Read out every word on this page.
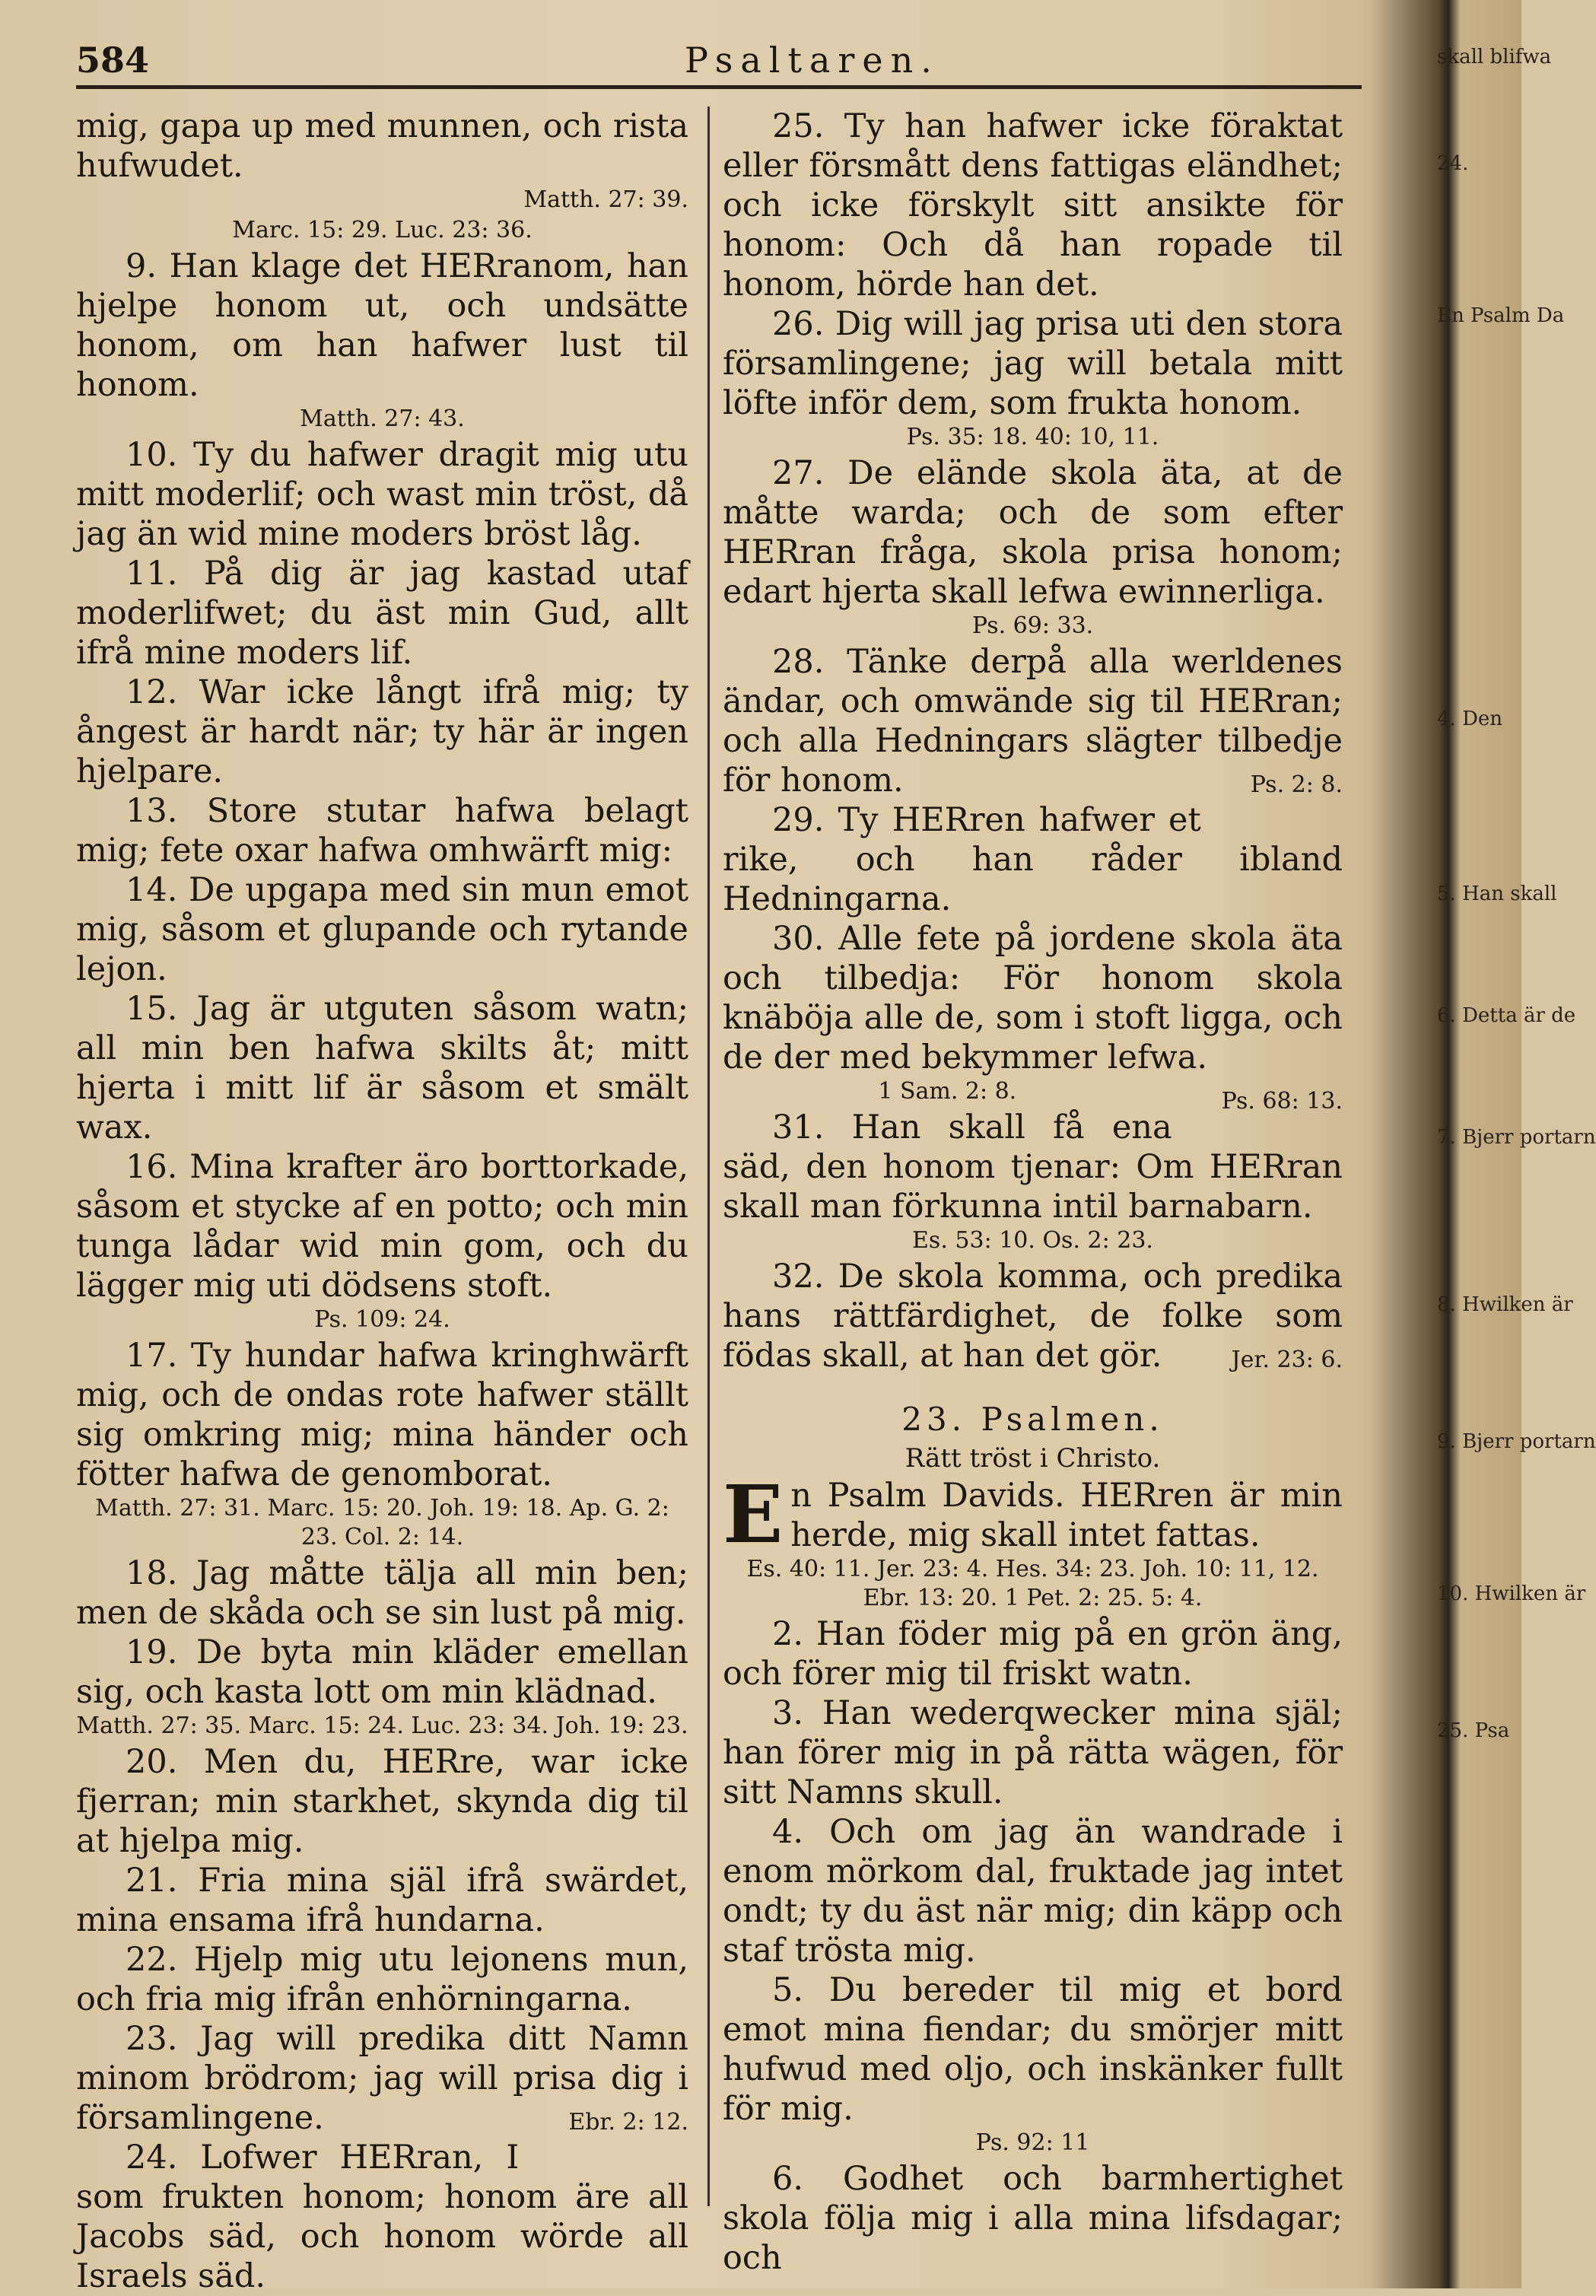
584	Psaltaren.

mig, gapa up med munnen, och rista hufwudet.

Matth. 27: 39.

Marc. 15: 29. Luc. 23: 36.

9. Han klage det HERranom, han hjelpe honom ut, och undsätte honom, om han hafwer lust til honom.

Matth. 27: 43.

10. Ty du hafwer dragit mig utu mitt moderlif; och wast min tröst, då jag än wid mine moders bröst låg.

11. På dig är jag kastad utaf moderlifwet; du äst min Gud, allt ifrå mine moders lif.

12. War icke långt ifrå mig; ty ångest är hardt när; ty här är ingen hjelpare.

13. Store stutar hafwa belagt mig; fete oxar hafwa omhwärft mig:

14. De upgapa med sin mun emot mig, såsom et glupande och rytande lejon.

15. Jag är utguten såsom watn; all min ben hafwa skilts åt; mitt hjerta i mitt lif är såsom et smält wax.

16. Mina krafter äro borttorkade, såsom et stycke af en potto; och min tunga lådar wid min gom, och du lägger mig uti dödsens stoft.

Ps. 109: 24.

17. Ty hundar hafwa kringhwärft mig, och de ondas rote hafwer ställt sig omkring mig; mina händer och fötter hafwa de genomborat.

Matth. 27: 31. Marc. 15: 20. Joh. 19: 18. Ap. G. 2: 23. Col. 2: 14.

18. Jag måtte tälja all min ben; men de skåda och se sin lust på mig.

19. De byta min kläder emellan sig, och kasta lott om min klädnad.

Matth. 27: 35. Marc. 15: 24. Luc. 23: 34. Joh. 19: 23.

20. Men du, HERre, war icke fjerran; min starkhet, skynda dig til at hjelpa mig.

21. Fria mina själ ifrå swärdet, mina ensama ifrå hundarna.

22. Hjelp mig utu lejonens mun, och fria mig ifrån enhörningarna.

23. Jag will predika ditt Namn minom brödrom; jag will prisa dig i församlingene.	Ebr. 2: 12.

24. Lofwer HERran, I som frukten honom; honom äre all Jacobs säd, och honom wörde all Israels säd.

25. Ty han hafwer icke föraktat eller försmått dens fattigas eländhet; och icke förskylt sitt ansikte för honom: Och då han ropade til honom, hörde han det.

26. Dig will jag prisa uti den stora församlingene; jag will betala mitt löfte inför dem, som frukta honom.

Ps. 35: 18. 40: 10, 11.

27. De elände skola äta, at de måtte warda; och de som efter HERran fråga, skola prisa honom; edart hjerta skall lefwa ewinnerliga.

Ps. 69: 33.

28. Tänke derpå alla werldenes ändar, och omwände sig til HERran; och alla Hedningars slägter tilbedje för honom.	Ps. 2: 8.

29. Ty HERren hafwer et rike, och han råder ibland Hedningarna.

30. Alle fete på jordene skola äta och tilbedja: För honom skola knäböja alle de, som i stoft ligga, och de der med bekymmer lefwa.
Ps. 68: 13.

1 Sam. 2: 8.

31. Han skall få ena säd, den honom tjenar: Om HERran skall man förkunna intil barnabarn.

Es. 53: 10. Os. 2: 23.

32. De skola komma, och predika hans rättfärdighet, de folke som födas skall, at han det gör.	Jer. 23: 6.

23. Psalmen.
Rätt tröst i Christo.

En Psalm Davids. HERren är min herde, mig skall intet fattas.

Es. 40: 11. Jer. 23: 4. Hes. 34: 23. Joh. 10: 11, 12. Ebr. 13: 20. 1 Pet. 2: 25. 5: 4.

2. Han föder mig på en grön äng, och förer mig til friskt watn.

3. Han wederqwecker mina själ; han förer mig in på rätta wägen, för sitt Namns skull.

4. Och om jag än wandrade i enom mörkom dal, fruktade jag intet ondt; ty du äst när mig; din käpp och staf trösta mig.

5. Du bereder til mig et bord emot mina fiendar; du smörjer mitt hufwud med oljo, och inskänker fullt för mig.

Ps. 92: 11

6. Godhet och barmhertighet skola följa mig i alla mina lifsdagar; och

skall blifwa
24.
En Psalm Da
4. Den
5. Han skall
6. Detta är de
7. Bjerr portarn
8. Hwilken är
9. Bjerr portarn
10. Hwilken är
25. Psa
